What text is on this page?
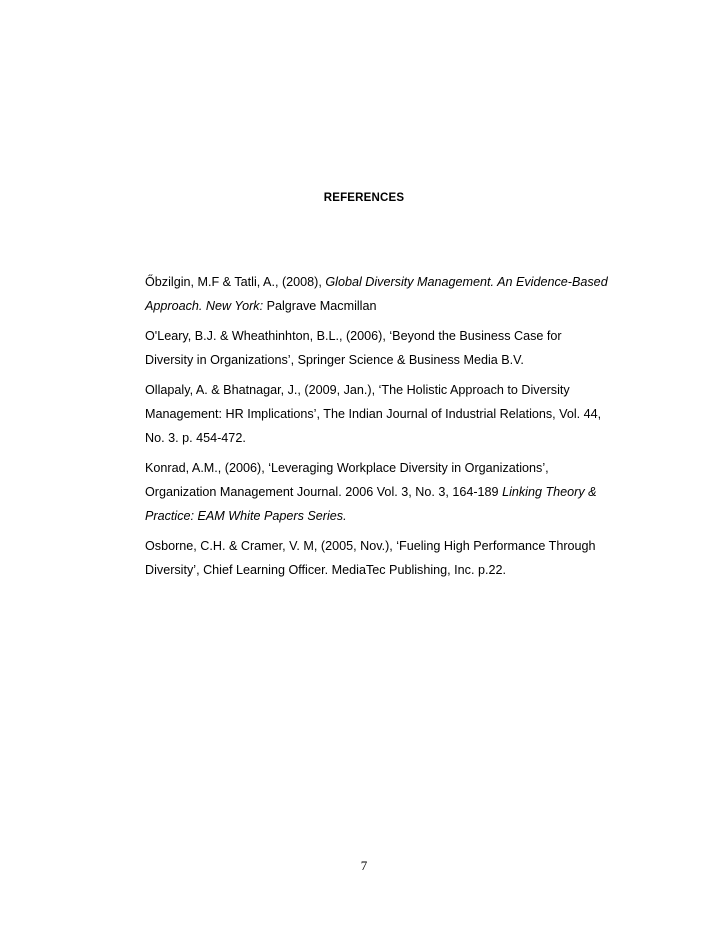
REFERENCES

Őbzilgin, M.F & Tatli, A., (2008), Global Diversity Management. An Evidence-Based
Approach. New York: Palgrave Macmillan

O'Leary, B.J. & Wheathinhton, B.L., (2006), ‘Beyond the Business Case for
Diversity in Organizations’, Springer Science & Business Media B.V.

Ollapaly, A. & Bhatnagar, J., (2009, Jan.), ‘The Holistic Approach to Diversity
Management: HR Implications’, The Indian Journal of Industrial Relations, Vol. 44,
No. 3. p. 454-472.

Konrad, A.M., (2006), ‘Leveraging Workplace Diversity in Organizations’,
Organization Management Journal. 2006 Vol. 3, No. 3, 164-189 Linking Theory &
Practice: EAM White Papers Series.

Osborne, C.H. & Cramer, V. M, (2005, Nov.), ‘Fueling High Performance Through
Diversity’, Chief Learning Officer. MediaTec Publishing, Inc. p.22.

7
